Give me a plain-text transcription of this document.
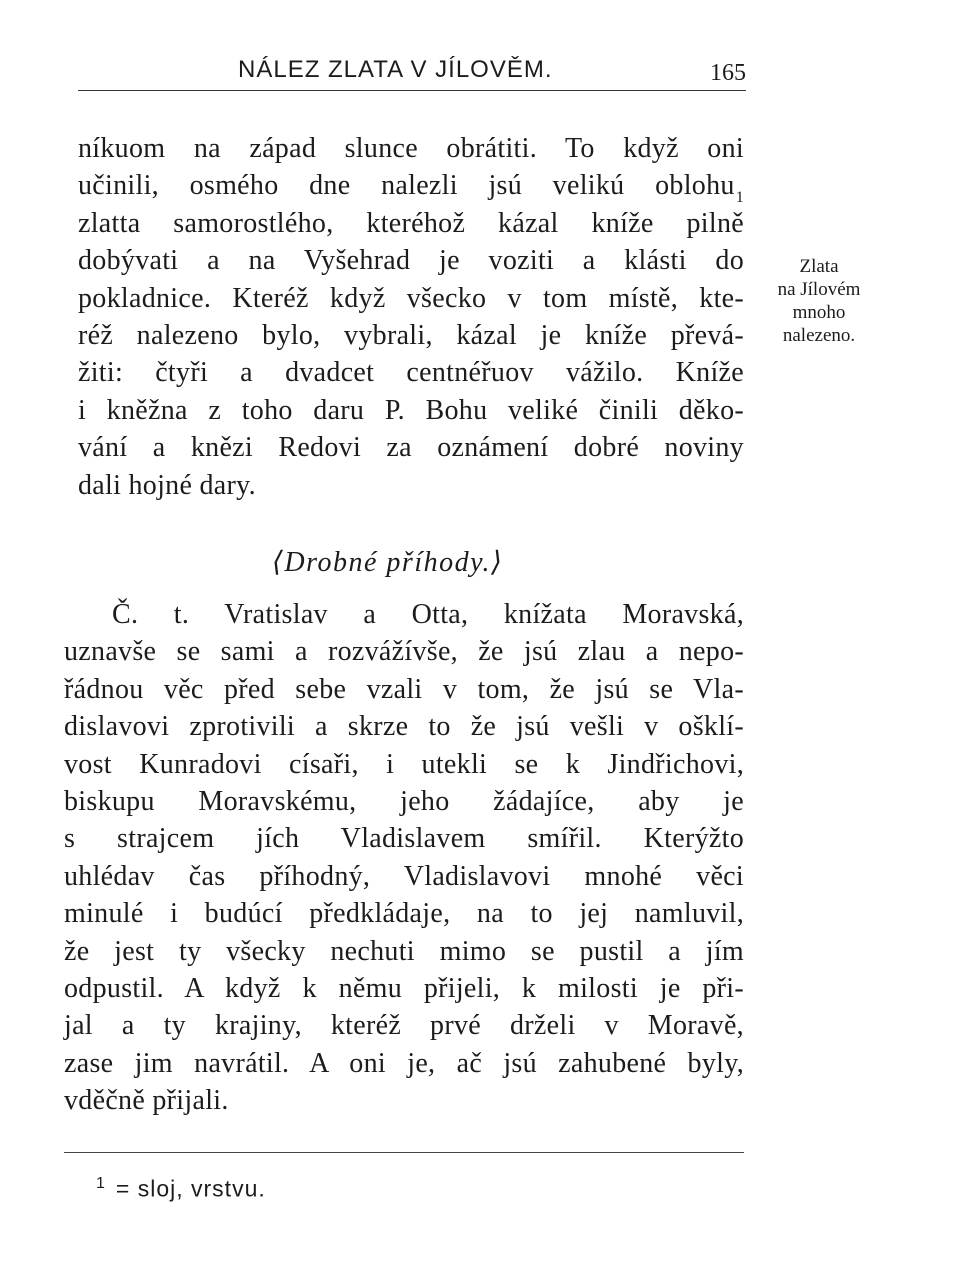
NÁLEZ ZLATA V JÍLOVĚM.	165
níkuom na západ slunce obrátiti. To když oni
učinili, osmého dne nalezli jsú velikú oblohu$_1$
zlatta samorostlého, kteréhož kázal kníže pilně
dobývati a na Vyšehrad je voziti a klásti do
pokladnice. Kteréž když všecko v tom místě, kte-
réž nalezeno bylo, vybrali, kázal je kníže převá-
žiti: čtyři a dvadcet centnéřuov vážilo. Kníže
i kněžna z toho daru P. Bohu veliké činili děko-
vání a knězi Redovi za oznámení dobré noviny
dali hojné dary.
Zlata
na Jílovém
mnoho
nalezeno.
⟨Drobné příhody.⟩
Č. t. Vratislav a Otta, knížata Moravská,
uznavše se sami a rozvážívše, že jsú zlau a nepo-
řádnou věc před sebe vzali v tom, že jsú se Vla-
dislavovi zprotivili a skrze to že jsú vešli v ošklí-
vost Kunradovi císaři, i utekli se k Jindřichovi,
biskupu Moravskému, jeho žádajíce, aby je
s strajcem jích Vladislavem smířil. Kterýžto
uhlédav čas příhodný, Vladislavovi mnohé věci
minulé i budúcí předkládaje, na to jej namluvil,
že jest ty všecky nechuti mimo se pustil a jím
odpustil. A když k němu přijeli, k milosti je při-
jal a ty krajiny, kteréž prvé drželi v Moravě,
zase jim navrátil. A oni je, ač jsú zahubené byly,
vděčně přijali.
$^1$ = sloj, vrstvu.
